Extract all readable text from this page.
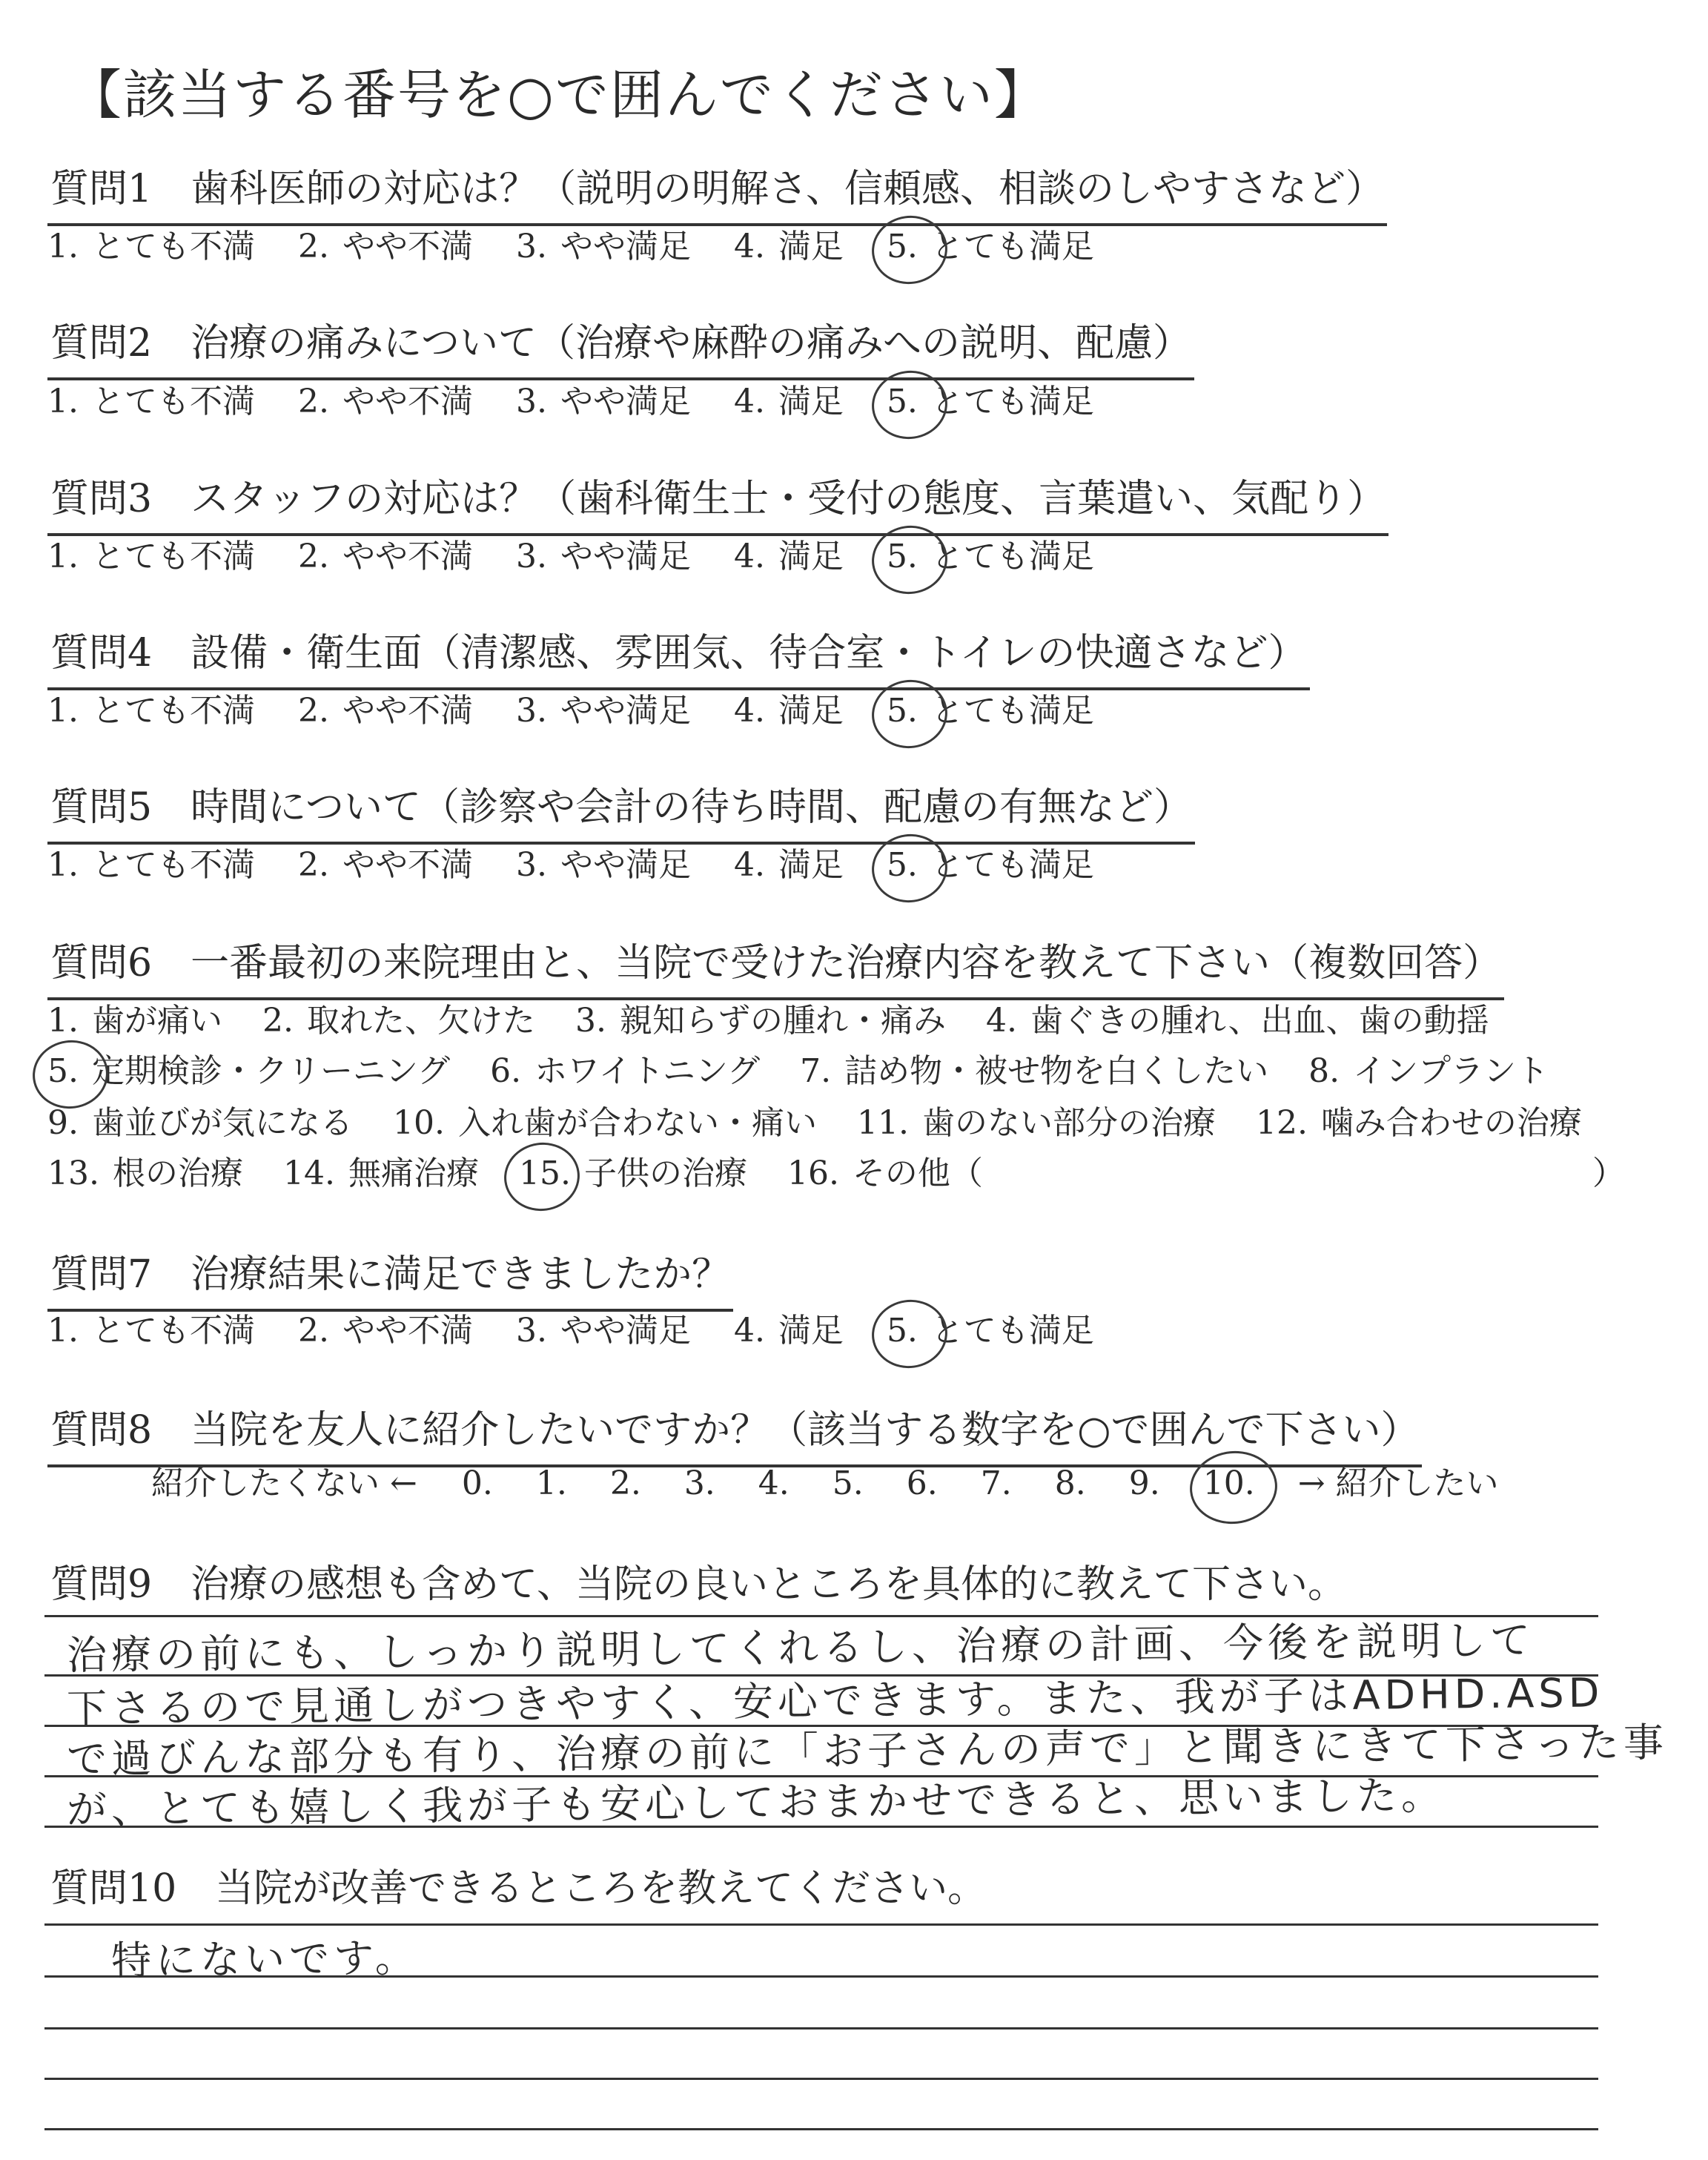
【該当する番号を○で囲んでください】
質問1　歯科医師の対応は？（説明の明解さ、信頼感、相談のしやすさなど）
1. とても不満 2. やや不満 3. やや満足 4. 満足 5. とても満足
質問2　治療の痛みについて（治療や麻酔の痛みへの説明、配慮）
1. とても不満 2. やや不満 3. やや満足 4. 満足 5. とても満足
質問3　スタッフの対応は？（歯科衛生士・受付の態度、言葉遣い、気配り）
1. とても不満 2. やや不満 3. やや満足 4. 満足 5. とても満足
質問4　設備・衛生面（清潔感、雰囲気、待合室・トイレの快適さなど）
1. とても不満 2. やや不満 3. やや満足 4. 満足 5. とても満足
質問5　時間について（診察や会計の待ち時間、配慮の有無など）
1. とても不満 2. やや不満 3. やや満足 4. 満足 5. とても満足
質問6　一番最初の来院理由と、当院で受けた治療内容を教えて下さい（複数回答）
1. 歯が痛い 2. 取れた、欠けた 3. 親知らずの腫れ・痛み 4. 歯ぐきの腫れ、出血、歯の動揺
5. 定期検診・クリーニング 6. ホワイトニング 7. 詰め物・被せ物を白くしたい 8. インプラント
9. 歯並びが気になる 10. 入れ歯が合わない・痛い 11. 歯のない部分の治療 12. 噛み合わせの治療
13. 根の治療 14. 無痛治療 15. 子供の治療 16. その他（	）
質問7　治療結果に満足できましたか？
1. とても不満 2. やや不満 3. やや満足 4. 満足 5. とても満足
質問8　当院を友人に紹介したいですか？（該当する数字を○で囲んで下さい）
紹介したくない ← 0. 1. 2. 3. 4. 5. 6. 7. 8. 9. 10. → 紹介したい
質問9　治療の感想も含めて、当院の良いところを具体的に教えて下さい。
治療の前にも、しっかり説明してくれるし、治療の計画、今後を説明して
下さるので見通しがつきやすく、安心できます。また、我が子はADHD.ASD
で過びんな部分も有り、治療の前に「お子さんの声で」と聞きにきて下さった事
が、とても嬉しく我が子も安心しておまかせできると、思いました。
質問10　当院が改善できるところを教えてください。
特にないです。
